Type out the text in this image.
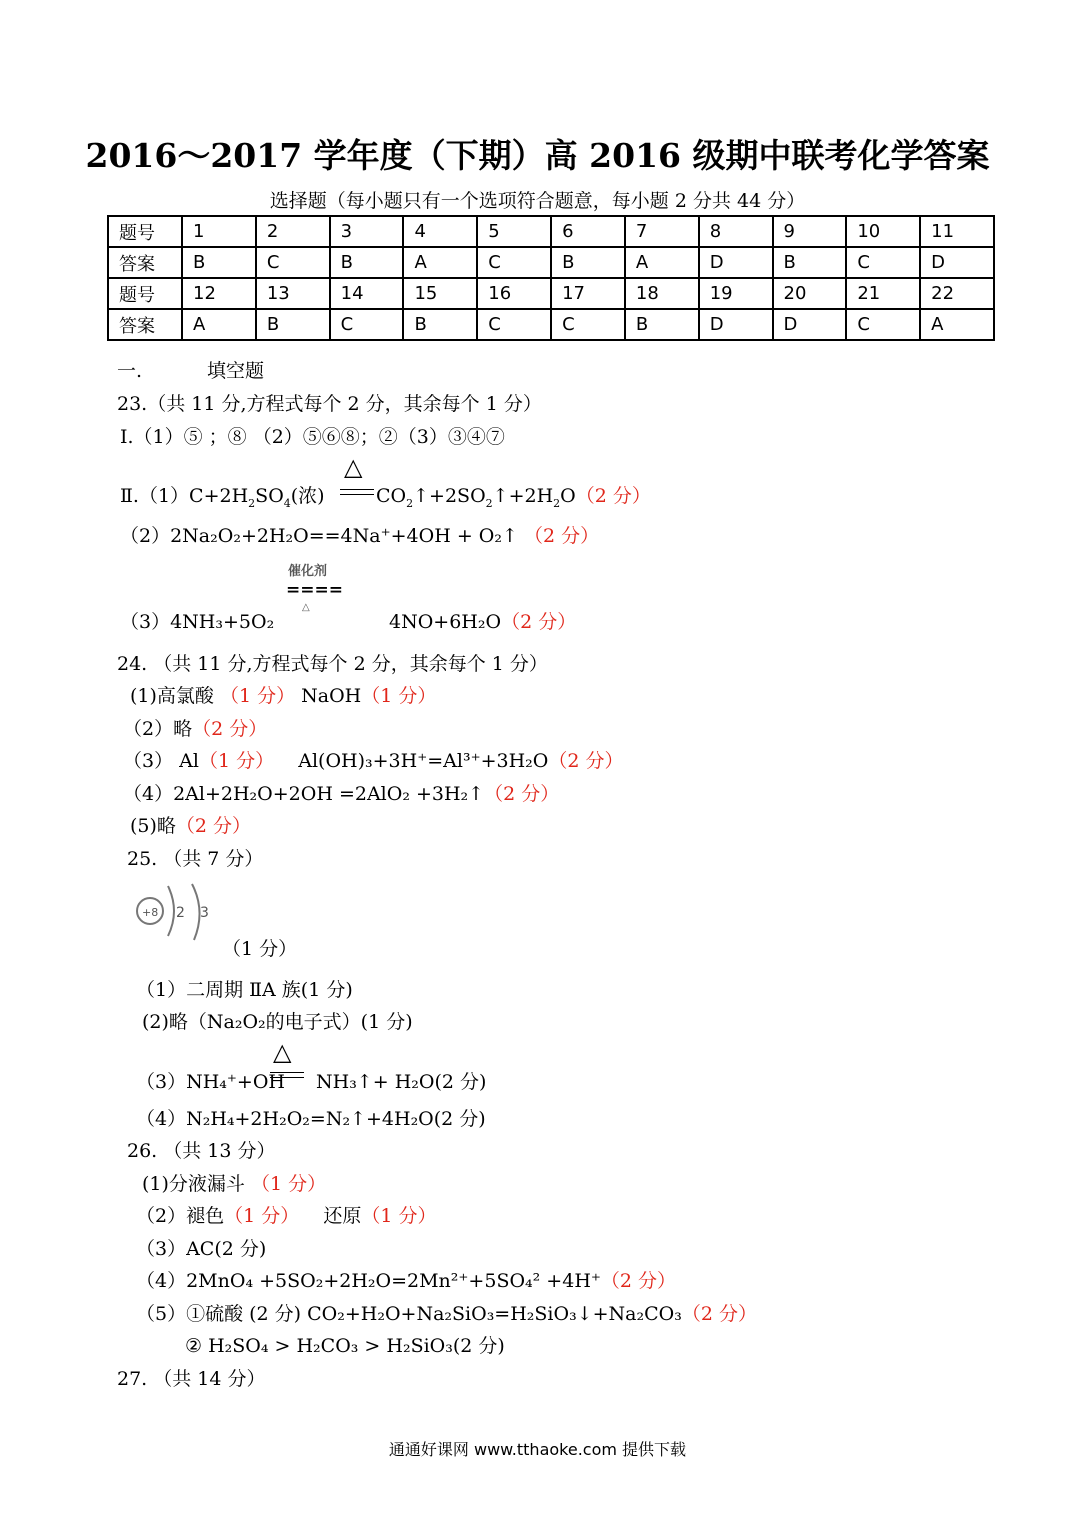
2016～2017 学年度（下期）高 2016 级期中联考化学答案
选择题（每小题只有一个选项符合题意，每小题 2 分共 44 分）
题号	1	2	3	4	5	6	7	8	9	10	11
答案	B	C	B	A	C	B	A	D	B	C	D
题号	12	13	14	15	16	17	18	19	20	21	22
答案	A	B	C	B	C	C	B	D	D	C	A
一.	填空题
23.（共 11 分,方程式每个 2 分，其余每个 1 分）
Ⅰ.（1）⑤ ；⑧ （2）⑤⑥⑧；②（3）③④⑦
$Ⅱ.(1)C+2H_2SO_4$(浓)
△
$CO_2↑+2SO_2↑+2H_2O(2$ 分）
（2）2Na₂O₂+2H₂O==4Na⁺+4OH + O₂↑ （2 分）
催化剂
====
△
（3）4NH₃+5O₂	4NO+6H₂O（2 分）
24. （共 11 分,方程式每个 2 分，其余每个 1 分）
(1)高氯酸 （1 分） NaOH（1 分）
（2）略（2 分）
（3） Al（1 分） Al(OH)₃+3H⁺=Al³⁺+3H₂O（2 分）
（4）2Al+2H₂O+2OH =2AlO₂ +3H₂↑（2 分）
(5)略（2 分）
25. （共 7 分）
+8 2 3
（1 分）
（1）二周期 ⅡA 族(1 分)
(2)略（Na₂O₂的电子式）(1 分)
△
（3）NH₄⁺+OH NH₃↑+ H₂O(2 分)
（4）N₂H₄+2H₂O₂=N₂↑+4H₂O(2 分)
26. （共 13 分）
(1)分液漏斗 （1 分）
（2）褪色（1 分） 还原（1 分）
（3）AC(2 分)
（4）2MnO₄ +5SO₂+2H₂O=2Mn²⁺+5SO₄² +4H⁺（2 分）
（5）①硫酸 (2 分) CO₂+H₂O+Na₂SiO₃=H₂SiO₃↓+Na₂CO₃（2 分）
② H₂SO₄ > H₂CO₃ > H₂SiO₃(2 分)
27. （共 14 分）
通通好课网 www.tthaoke.com 提供下载
